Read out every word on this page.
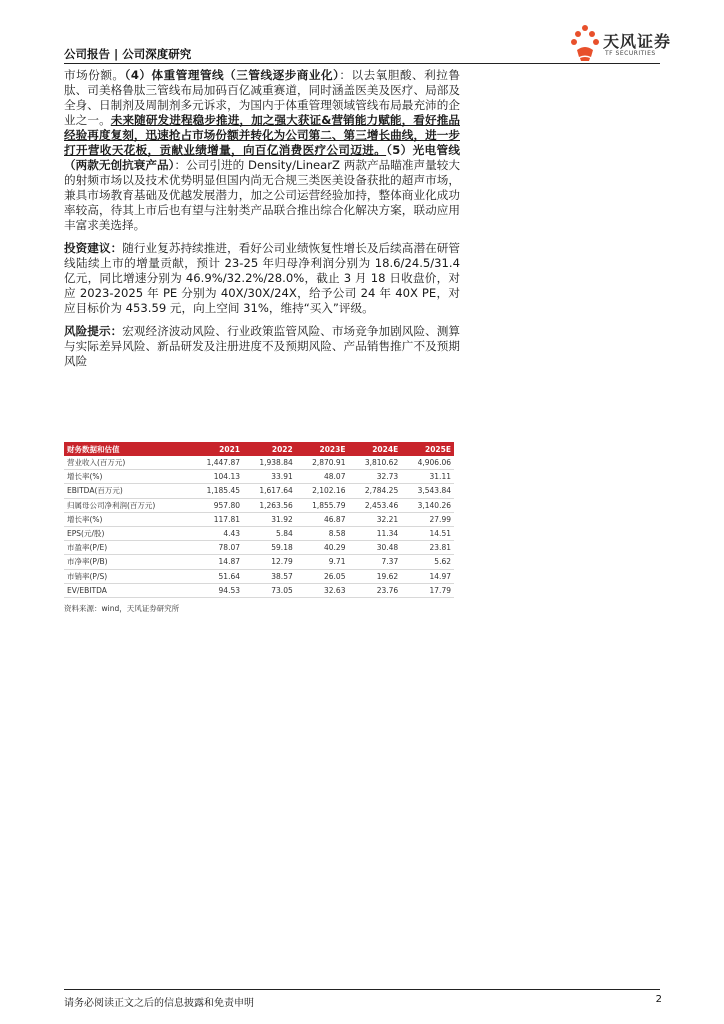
公司报告 | 公司深度研究
天风证券
TF SECURITIES

市场份额。（4）体重管理管线（三管线逐步商业化）：以去氧胆酸、利拉鲁肽、司美格鲁肽三管线布局加码百亿减重赛道，同时涵盖医美及医疗、局部及全身、日制剂及周制剂多元诉求，为国内于体重管理领域管线布局最充沛的企业之一。未来随研发进程稳步推进，加之强大获证&营销能力赋能，看好推品经验再度复刻，迅速抢占市场份额并转化为公司第二、第三增长曲线，进一步打开营收天花板，贡献业绩增量，向百亿消费医疗公司迈进。（5）光电管线（两款无创抗衰产品）：公司引进的 Density/LinearZ 两款产品瞄准声量较大的射频市场以及技术优势明显但国内尚无合规三类医美设备获批的超声市场，兼具市场教育基础及优越发展潜力，加之公司运营经验加持，整体商业化成功率较高，待其上市后也有望与注射类产品联合推出综合化解决方案，联动应用丰富求美选择。

投资建议：随行业复苏持续推进，看好公司业绩恢复性增长及后续高潜在研管线陆续上市的增量贡献，预计 23-25 年归母净利润分别为 18.6/24.5/31.4 亿元，同比增速分别为 46.9%/32.2%/28.0%，截止 3 月 18 日收盘价，对应 2023-2025 年 PE 分别为 40X/30X/24X，给予公司 24 年 40X PE，对应目标价为 453.59 元，向上空间 31%，维持“买入”评级。

风险提示：宏观经济波动风险、行业政策监管风险、市场竞争加剧风险、测算与实际差异风险、新品研发及注册进度不及预期风险、产品销售推广不及预期风险

财务数据和估值	2021	2022	2023E	2024E	2025E
营业收入(百万元)	1,447.87	1,938.84	2,870.91	3,810.62	4,906.06
增长率(%)	104.13	33.91	48.07	32.73	31.11
EBITDA(百万元)	1,185.45	1,617.64	2,102.16	2,784.25	3,543.84
归属母公司净利润(百万元)	957.80	1,263.56	1,855.79	2,453.46	3,140.26
增长率(%)	117.81	31.92	46.87	32.21	27.99
EPS(元/股)	4.43	5.84	8.58	11.34	14.51
市盈率(P/E)	78.07	59.18	40.29	30.48	23.81
市净率(P/B)	14.87	12.79	9.71	7.37	5.62
市销率(P/S)	51.64	38.57	26.05	19.62	14.97
EV/EBITDA	94.53	73.05	32.63	23.76	17.79
资料来源：wind，天风证券研究所
请务必阅读正文之后的信息披露和免责申明	2
